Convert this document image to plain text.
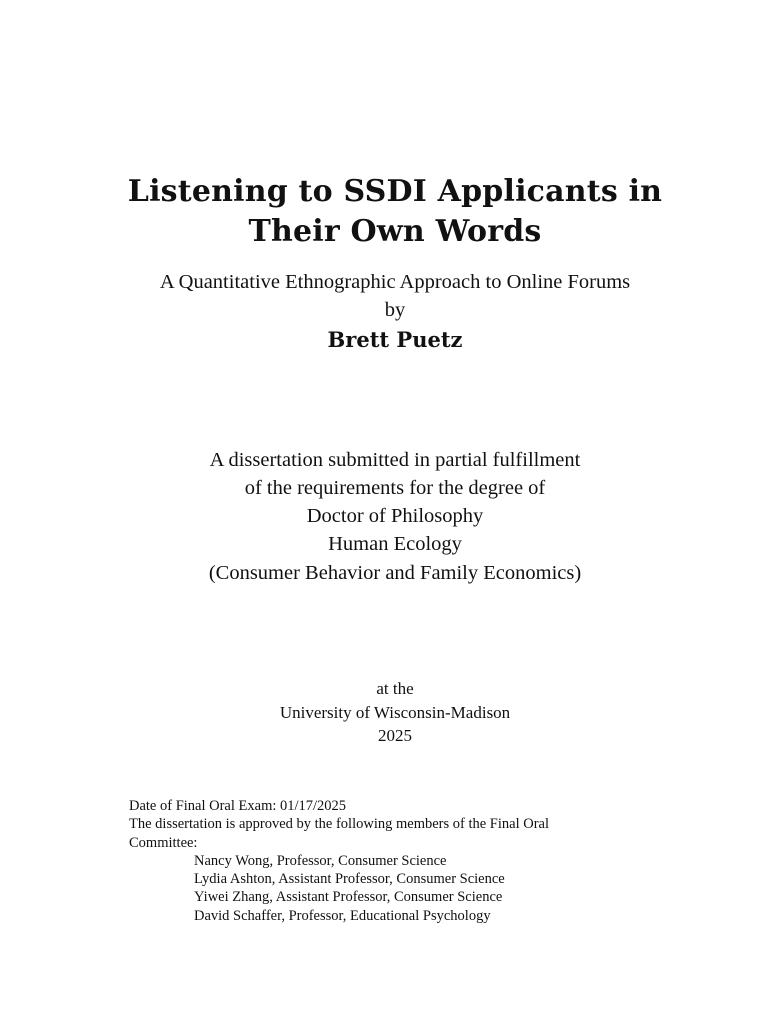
Listening to SSDI Applicants in
Their Own Words
A Quantitative Ethnographic Approach to Online Forums
by
Brett Puetz
A dissertation submitted in partial fulfillment
of the requirements for the degree of
Doctor of Philosophy
Human Ecology
(Consumer Behavior and Family Economics)
at the
University of Wisconsin-Madison
2025
Date of Final Oral Exam: 01/17/2025
The dissertation is approved by the following members of the Final Oral
Committee:
Nancy Wong, Professor, Consumer Science
Lydia Ashton, Assistant Professor, Consumer Science
Yiwei Zhang, Assistant Professor, Consumer Science
David Schaffer, Professor, Educational Psychology
